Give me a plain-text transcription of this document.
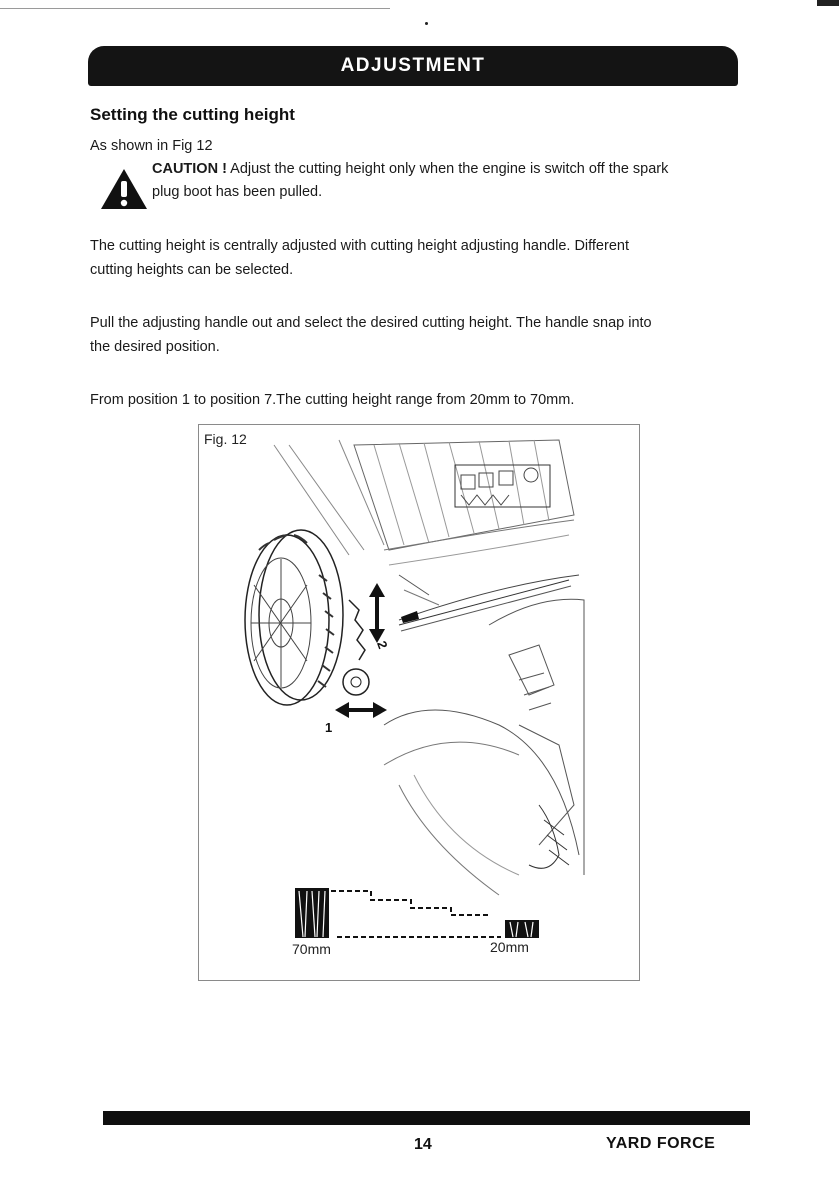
ADJUSTMENT
Setting the cutting height
As shown in Fig 12
CAUTION ! Adjust the cutting height only when the engine is switch off the spark
plug boot has been pulled.
The cutting height is centrally adjusted with cutting height adjusting handle. Different
cutting heights can be selected.
Pull the adjusting handle out and select the desired cutting height. The handle snap into
the desired position.
From position 1 to position 7.The cutting height range from 20mm to 70mm.
1
2
Fig. 12
70mm	20mm
14	YARD FORCE
